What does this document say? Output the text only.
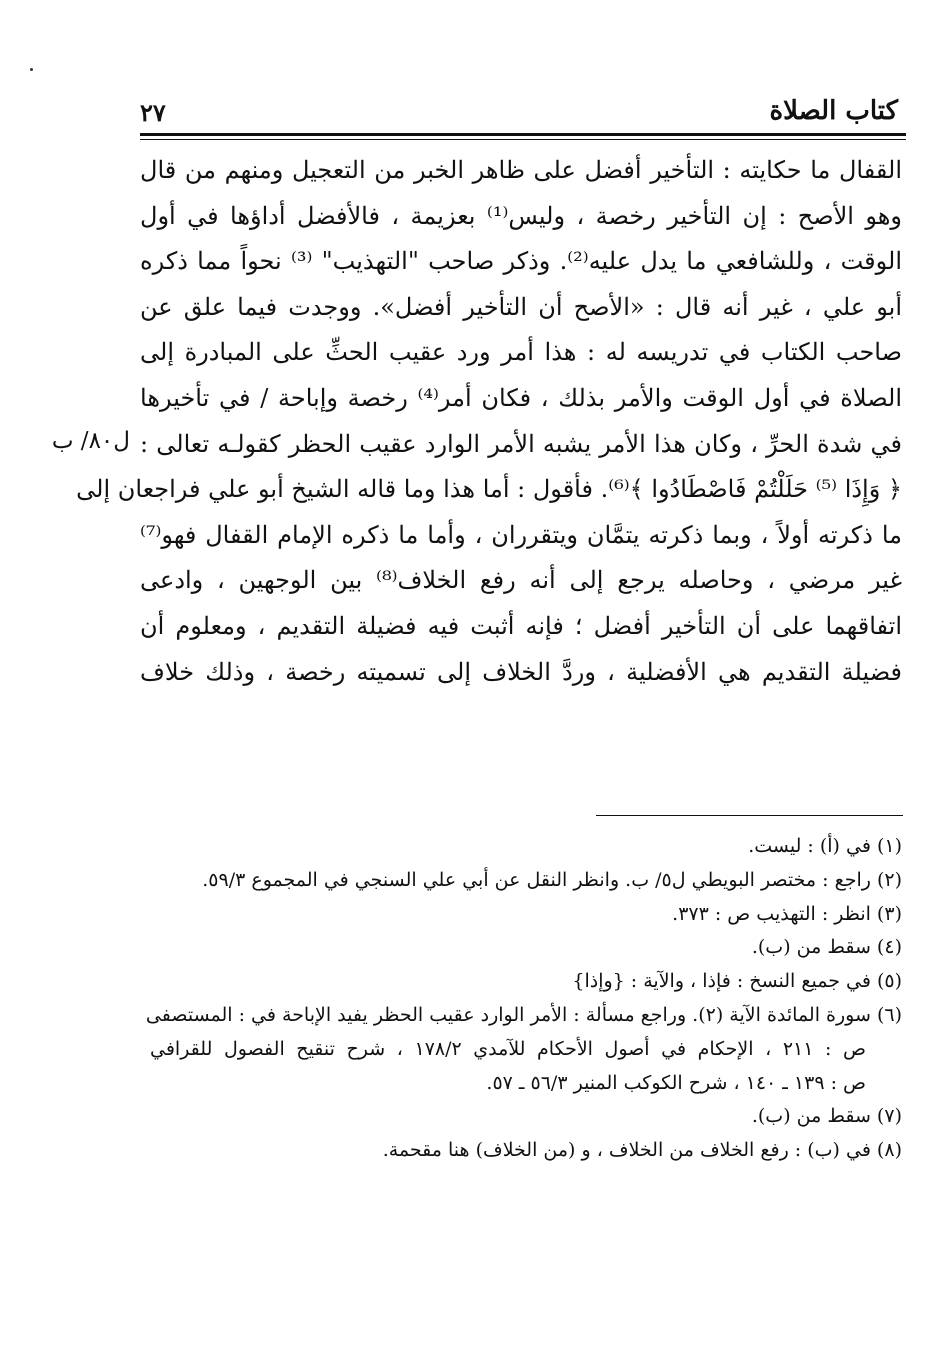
كتاب الصلاة
٢٧
ل٨٠/ ب
القفال ما حكايته : التأخير أفضل على ظاهر الخبر من التعجيل ومنهم من قال
وهو الأصح : إن التأخير رخصة ، وليس⁽¹⁾ بعزيمة ، فالأفضل أداؤها في أول
الوقت ، وللشافعي ما يدل عليه⁽²⁾. وذكر صاحب "التهذيب" ⁽³⁾ نحواً مما ذكره
أبو علي ، غير أنه قال : «الأصح أن التأخير أفضل». ووجدت فيما علق عن
صاحب الكتاب في تدريسه له : هذا أمر ورد عقيب الحثِّ على المبادرة إلى
الصلاة في أول الوقت والأمر بذلك ، فكان أمر⁽⁴⁾ رخصة وإباحة / في تأخيرها
في شدة الحرِّ ، وكان هذا الأمر يشبه الأمر الوارد عقيب الحظر كقولـه تعالى :
﴿ وَإِذَا ⁽⁵⁾ حَلَلْتُمْ فَاصْطَادُوا ﴾⁽⁶⁾. فأقول : أما هذا وما قاله الشيخ أبو علي فراجعان إلى
ما ذكرته أولاً ، وبما ذكرته يتمَّان ويتقرران ، وأما ما ذكره الإمام القفال فهو⁽⁷⁾
غير مرضي ، وحاصله يرجع إلى أنه رفع الخلاف⁽⁸⁾ بين الوجهين ، وادعى
اتفاقهما على أن التأخير أفضل ؛ فإنه أثبت فيه فضيلة التقديم ، ومعلوم أن
فضيلة التقديم هي الأفضلية ، وردَّ الخلاف إلى تسميته رخصة ، وذلك خلاف
(١) في (أ) : ليست.
(٢) راجع : مختصر البويطي ل٥/ ب. وانظر النقل عن أبي علي السنجي في المجموع ٥٩/٣.
(٣) انظر : التهذيب ص : ٣٧٣.
(٤) سقط من (ب).
(٥) في جميع النسخ : فإذا ، والآية : {وإذا}
(٦) سورة المائدة الآية (٢). وراجع مسألة : الأمر الوارد عقيب الحظر يفيد الإباحة في : المستصفى
ص : ٢١١ ، الإحكام في أصول الأحكام للآمدي ١٧٨/٢ ، شرح تنقيح الفصول للقرافي
ص : ١٣٩ ـ ١٤٠ ، شرح الكوكب المنير ٥٦/٣ ـ ٥٧.
(٧) سقط من (ب).
(٨) في (ب) : رفع الخلاف من الخلاف ، و (من الخلاف) هنا مقحمة.
